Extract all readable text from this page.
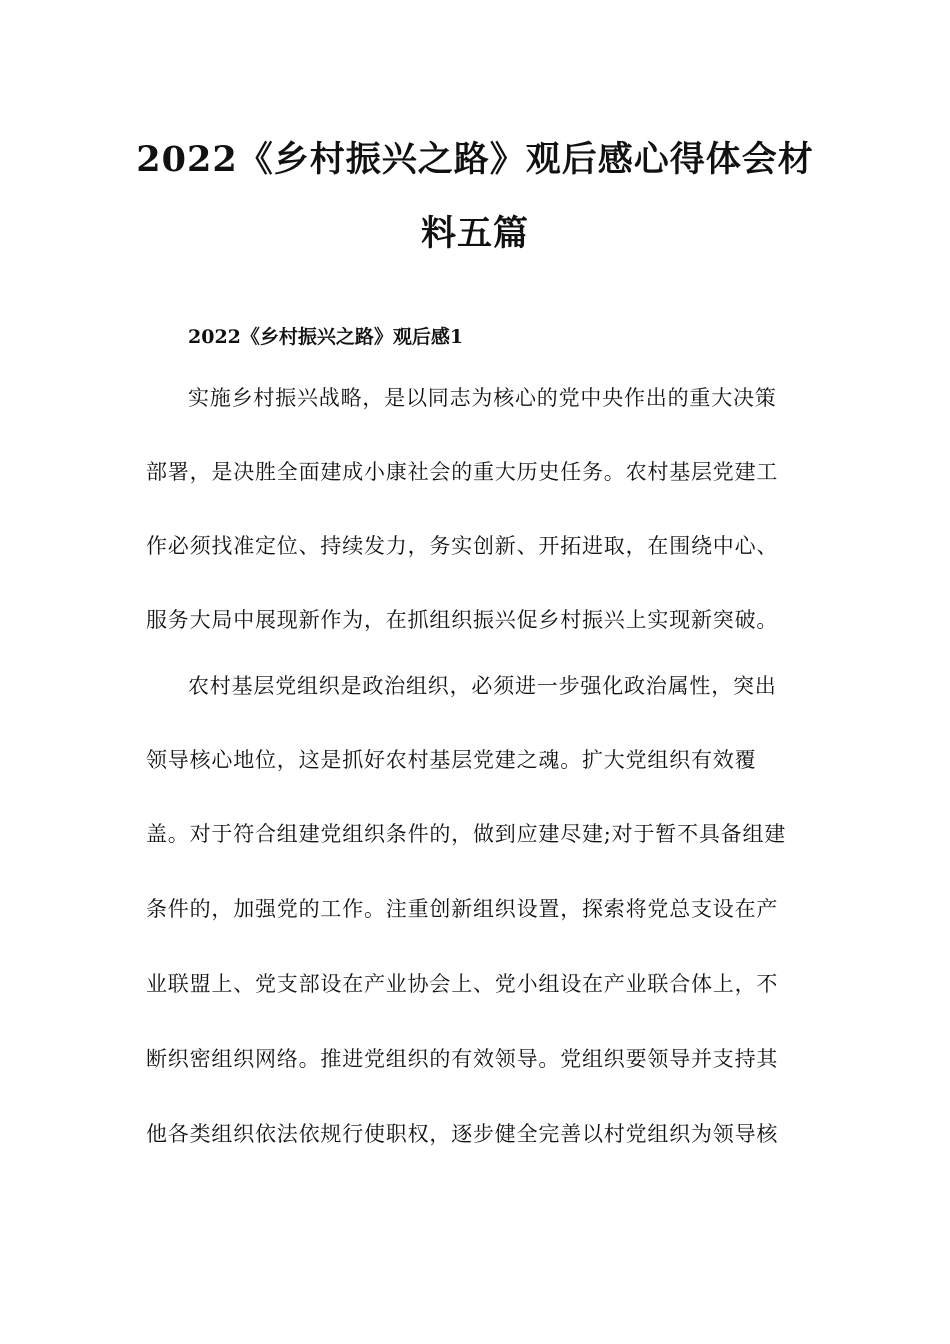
2022《乡村振兴之路》观后感心得体会材
料五篇
2022《乡村振兴之路》观后感1
实施乡村振兴战略，是以同志为核心的党中央作出的重大决策
部署，是决胜全面建成小康社会的重大历史任务。农村基层党建工
作必须找准定位、持续发力，务实创新、开拓进取，在围绕中心、
服务大局中展现新作为，在抓组织振兴促乡村振兴上实现新突破。
农村基层党组织是政治组织，必须进一步强化政治属性，突出
领导核心地位，这是抓好农村基层党建之魂。扩大党组织有效覆
盖。对于符合组建党组织条件的，做到应建尽建;对于暂不具备组建
条件的，加强党的工作。注重创新组织设置，探索将党总支设在产
业联盟上、党支部设在产业协会上、党小组设在产业联合体上，不
断织密组织网络。推进党组织的有效领导。党组织要领导并支持其
他各类组织依法依规行使职权，逐步健全完善以村党组织为领导核
